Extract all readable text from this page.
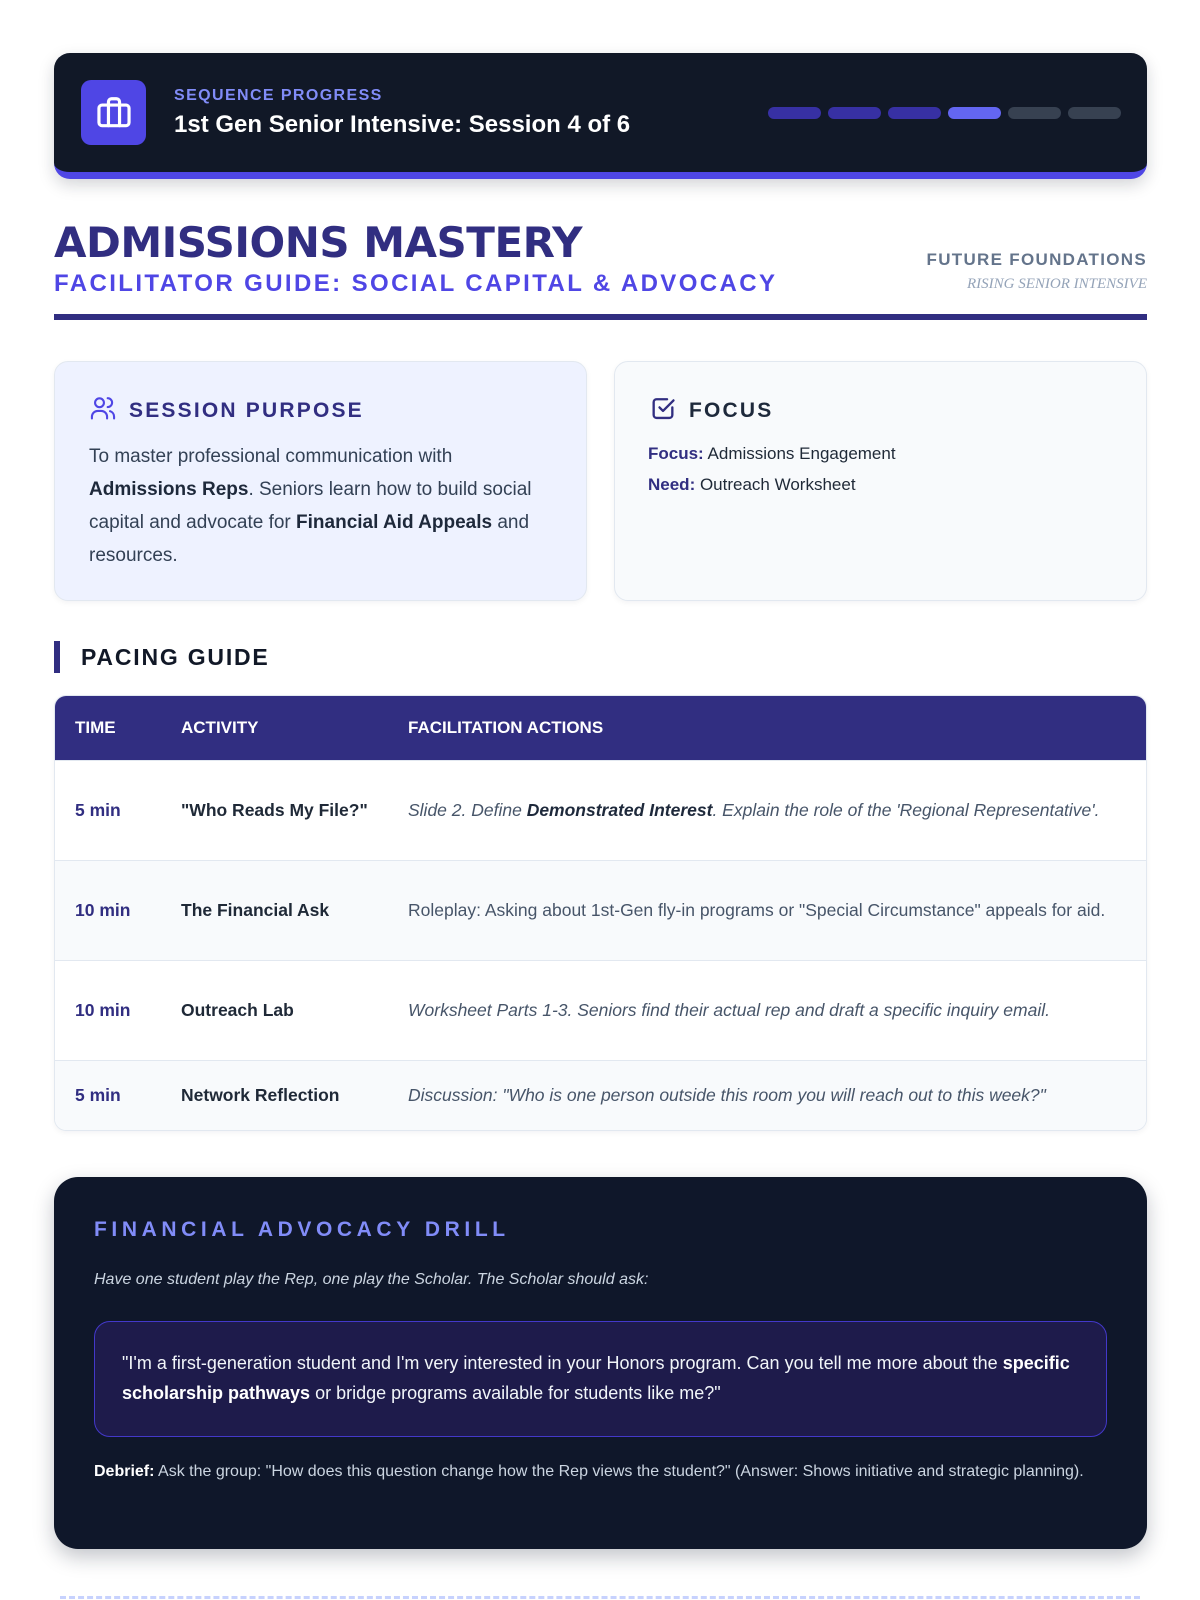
SEQUENCE PROGRESS
1st Gen Senior Intensive: Session 4 of 6
ADMISSIONS MASTERY
FACILITATOR GUIDE: SOCIAL CAPITAL & ADVOCACY
FUTURE FOUNDATIONS
RISING SENIOR INTENSIVE
SESSION PURPOSE

To master professional communication with Admissions Reps. Seniors learn how to build social capital and advocate for Financial Aid Appeals and resources.

FOCUS
Focus: Admissions Engagement
Need: Outreach Worksheet
PACING GUIDE
TIME	ACTIVITY	FACILITATION ACTIONS
5 min	"Who Reads My File?"	Slide 2. Define Demonstrated Interest. Explain the role of the 'Regional Representative'.
10 min	The Financial Ask	Roleplay: Asking about 1st-Gen fly-in programs or "Special Circumstance" appeals for aid.
10 min	Outreach Lab	Worksheet Parts 1-3. Seniors find their actual rep and draft a specific inquiry email.
5 min	Network Reflection	Discussion: "Who is one person outside this room you will reach out to this week?"
FINANCIAL ADVOCACY DRILL
Have one student play the Rep, one play the Scholar. The Scholar should ask:
"I'm a first-generation student and I'm very interested in your Honors program. Can you tell me more about the specific scholarship pathways or bridge programs available for students like me?"
Debrief: Ask the group: "How does this question change how the Rep views the student?" (Answer: Shows initiative and strategic planning).
